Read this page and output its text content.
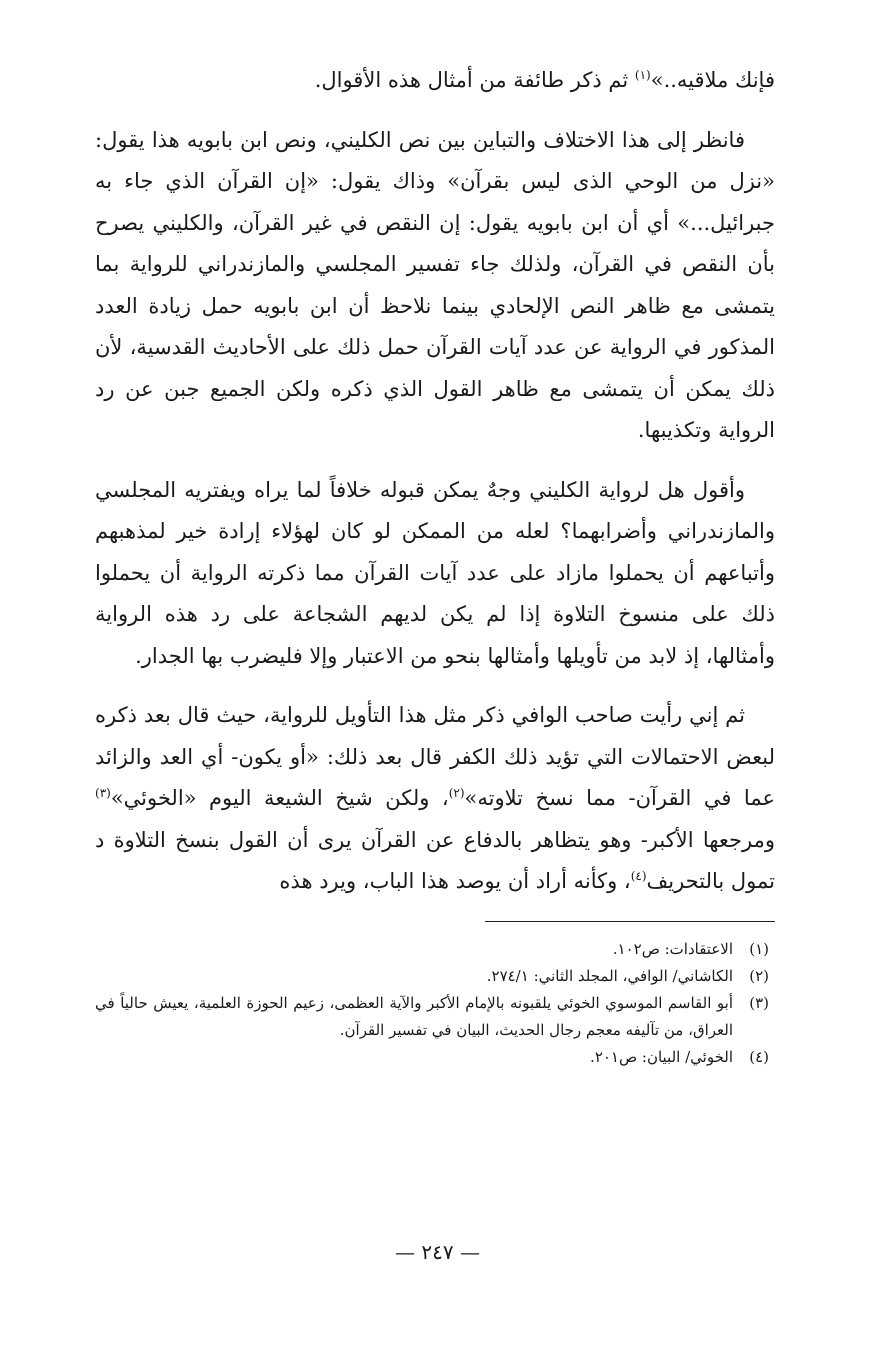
فإنك ملاقيه..»$^{(١)}$ ثم ذكر طائفة من أمثال هذه الأقوال.

فانظر إلى هذا الاختلاف والتباين بين نص الكليني، ونص ابن بابويه هذا يقول: «نزل من الوحي الذى ليس بقرآن» وذاك يقول: «إن القرآن الذي جاء به جبرائيل...» أي أن ابن بابويه يقول: إن النقص في غير القرآن، والكليني يصرح بأن النقص في القرآن، ولذلك جاء تفسير المجلسي والمازندراني للرواية بما يتمشى مع ظاهر النص الإلحادي بينما نلاحظ أن ابن بابويه حمل زيادة العدد المذكور في الرواية عن عدد آيات القرآن حمل ذلك على الأحاديث القدسية، لأن ذلك يمكن أن يتمشى مع ظاهر القول الذي ذكره ولكن الجميع جبن عن رد الرواية وتكذيبها.

وأقول هل لرواية الكليني وجهٌ يمكن قبوله خلافاً لما يراه ويفتريه المجلسي والمازندراني وأضرابهما؟ لعله من الممكن لو كان لهؤلاء إرادة خير لمذهبهم وأتباعهم أن يحملوا مازاد على عدد آيات القرآن مما ذكرته الرواية أن يحملوا ذلك على منسوخ التلاوة إذا لم يكن لديهم الشجاعة على رد هذه الرواية وأمثالها، إذ لابد من تأويلها وأمثالها بنحو من الاعتبار وإلا فليضرب بها الجدار.

ثم إني رأيت صاحب الوافي ذكر مثل هذا التأويل للرواية، حيث قال بعد ذكره لبعض الاحتمالات التي تؤيد ذلك الكفر قال بعد ذلك: «أو يكون- أي العد والزائد عما في القرآن- مما نسخ تلاوته»$^{(٢)}$، ولكن شيخ الشيعة اليوم «الخوئي»$^{(٣)}$ ومرجعها الأكبر- وهو يتظاهر بالدفاع عن القرآن يرى أن القول بنسخ التلاوة د تمول بالتحريف$^{(٤)}$، وكأنه أراد أن يوصد هذا الباب، ويرد هذه

(١)
الاعتقادات: ص١٠٢.
(٢)
الكاشاني/ الوافي، المجلد الثاني: ٢٧٤/١.
(٣)
أبو القاسم الموسوي الخوئي يلقبونه بالإمام الأكبر والآية العظمى، زعيم الحوزة العلمية، يعيش حالياً في العراق، من تآليفه معجم رجال الحديث، البيان في تفسير القرآن.
(٤)
الخوئي/ البيان: ص٢٠١.
— ٢٤٧ —
